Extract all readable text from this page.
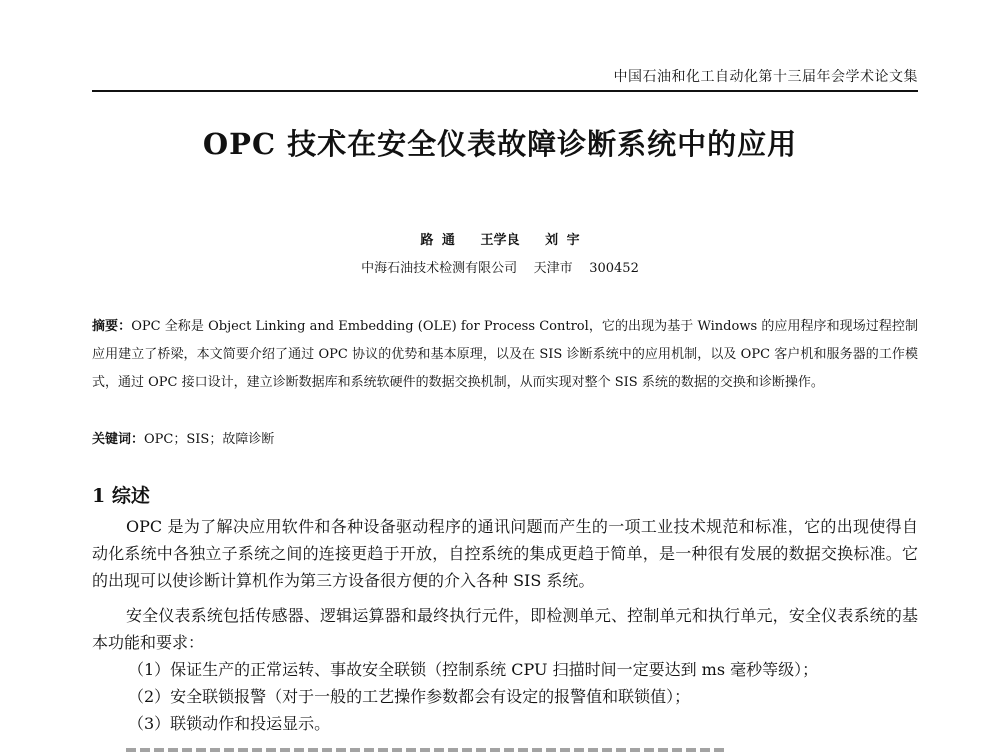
中国石油和化工自动化第十三届年会学术论文集
OPC 技术在安全仪表故障诊断系统中的应用
路 通   王学良   刘 宇
中海石油技术检测有限公司    天津市    300452
摘要：OPC 全称是 Object Linking and Embedding (OLE) for Process Control，它的出现为基于 Windows 的应用程序和现场过程控制应用建立了桥梁，本文简要介绍了通过 OPC 协议的优势和基本原理，以及在 SIS 诊断系统中的应用机制，以及 OPC 客户机和服务器的工作模式，通过 OPC 接口设计，建立诊断数据库和系统软硬件的数据交换机制，从而实现对整个 SIS 系统的数据的交换和诊断操作。
关键词：OPC；SIS；故障诊断
1 综述
OPC 是为了解决应用软件和各种设备驱动程序的通讯问题而产生的一项工业技术规范和标准，它的出现使得自动化系统中各独立子系统之间的连接更趋于开放，自控系统的集成更趋于简单，是一种很有发展的数据交换标准。它的出现可以使诊断计算机作为第三方设备很方便的介入各种 SIS 系统。
安全仪表系统包括传感器、逻辑运算器和最终执行元件，即检测单元、控制单元和执行单元，安全仪表系统的基本功能和要求：
（1）保证生产的正常运转、事故安全联锁（控制系统 CPU 扫描时间一定要达到 ms 毫秒等级）；
（2）安全联锁报警（对于一般的工艺操作参数都会有设定的报警值和联锁值）；
（3）联锁动作和投运显示。
